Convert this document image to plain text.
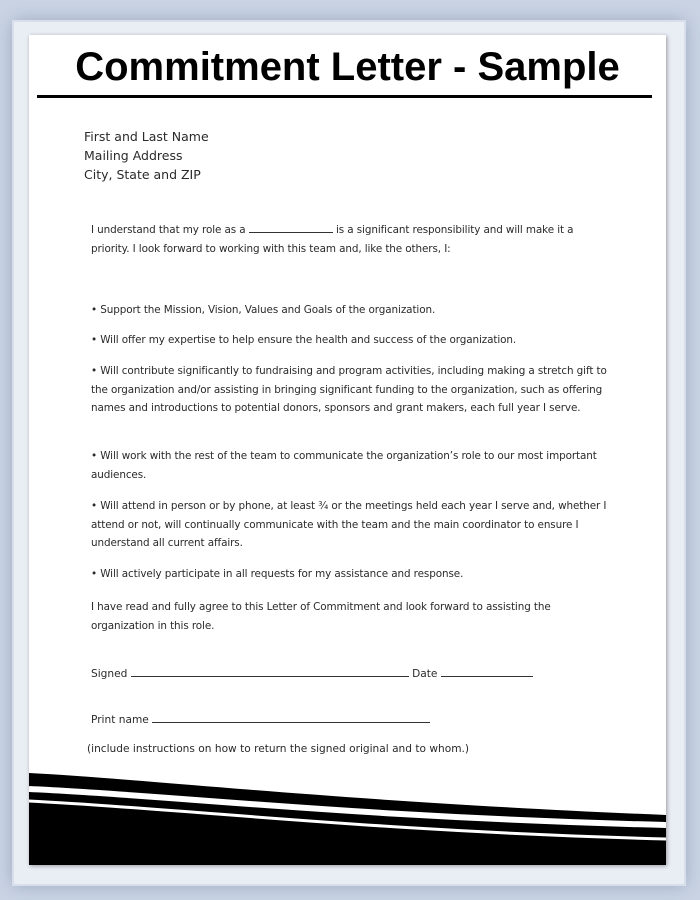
Commitment Letter - Sample
First and Last Name
Mailing Address
City, State and ZIP
I understand that my role as a	is a significant responsibility and will make it a priority. I look forward to working with this team and, like the others, I:

• Support the Mission, Vision, Values and Goals of the organization.

• Will offer my expertise to help ensure the health and success of the organization.

• Will contribute significantly to fundraising and program activities, including making a stretch gift to the organization and/or assisting in bringing significant funding to the organization, such as offering names and introductions to potential donors, sponsors and grant makers, each full year I serve.

• Will work with the rest of the team to communicate the organization’s role to our most important audiences.

• Will attend in person or by phone, at least ¾ or the meetings held each year I serve and, whether I attend or not, will continually communicate with the team and the main coordinator to ensure I understand all current affairs.

• Will actively participate in all requests for my assistance and response.

I have read and fully agree to this Letter of Commitment and look forward to assisting the organization in this role.
Signed	Date
Print name
(include instructions on how to return the signed original and to whom.)
